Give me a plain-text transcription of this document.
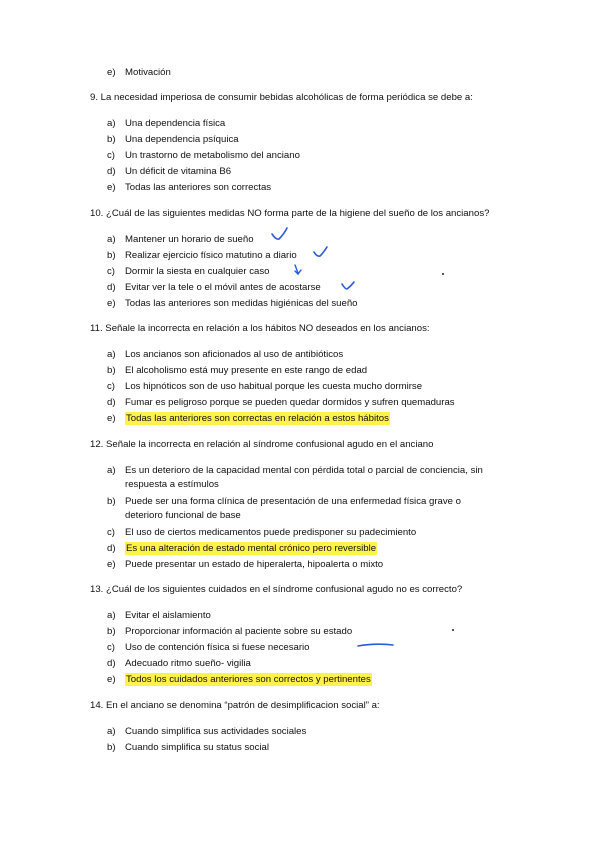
e) Motivación
9. La necesidad imperiosa de consumir bebidas alcohólicas de forma periódica se debe a:
a) Una dependencia física
b) Una dependencia psíquica
c)	Un trastorno de metabolismo del anciano
d) Un déficit de vitamina B6
e) Todas las anteriores son correctas
10. ¿Cuál de las siguientes medidas NO forma parte de la higiene del sueño de los ancianos?
a) Mantener un horario de sueño
b) Realizar ejercicio físico matutino a diario
c)	Dormir la siesta en cualquier caso
d) Evitar ver la tele o el móvil antes de acostarse
e) Todas las anteriores son medidas higiénicas del sueño
11. Señale la incorrecta en relación a los hábitos NO deseados en los ancianos:
a) Los ancianos son aficionados al uso de antibióticos
b) El alcoholismo está muy presente en este rango de edad
c)	Los hipnóticos son de uso habitual porque les cuesta mucho dormirse
d) Fumar es peligroso porque se pueden quedar dormidos y sufren quemaduras
e)	Todas las anteriores son correctas en relación a estos hábitos
12. Señale la incorrecta en relación al síndrome confusional agudo en el anciano
a) Es un deterioro de la capacidad mental con pérdida total o parcial de conciencia, sin
respuesta a estímulos
b) Puede ser una forma clínica de presentación de una enfermedad física grave o
deterioro funcional de base
c)	El uso de ciertos medicamentos puede predisponer su padecimiento
d)	Es una alteración de estado mental crónico pero reversible
e) Puede presentar un estado de hiperalerta, hipoalerta o mixto
13. ¿Cuál de los siguientes cuidados en el síndrome confusional agudo no es correcto?
a) Evitar el aislamiento
b) Proporcionar información al paciente sobre su estado
c)	Uso de contención física si fuese necesario
d) Adecuado ritmo sueño- vigilia
e)	Todos los cuidados anteriores son correctos y pertinentes
14. En el anciano se denomina “patrón de desimplificacion social” a:
a) Cuando simplifica sus actividades sociales
b) Cuando simplifica su status social
